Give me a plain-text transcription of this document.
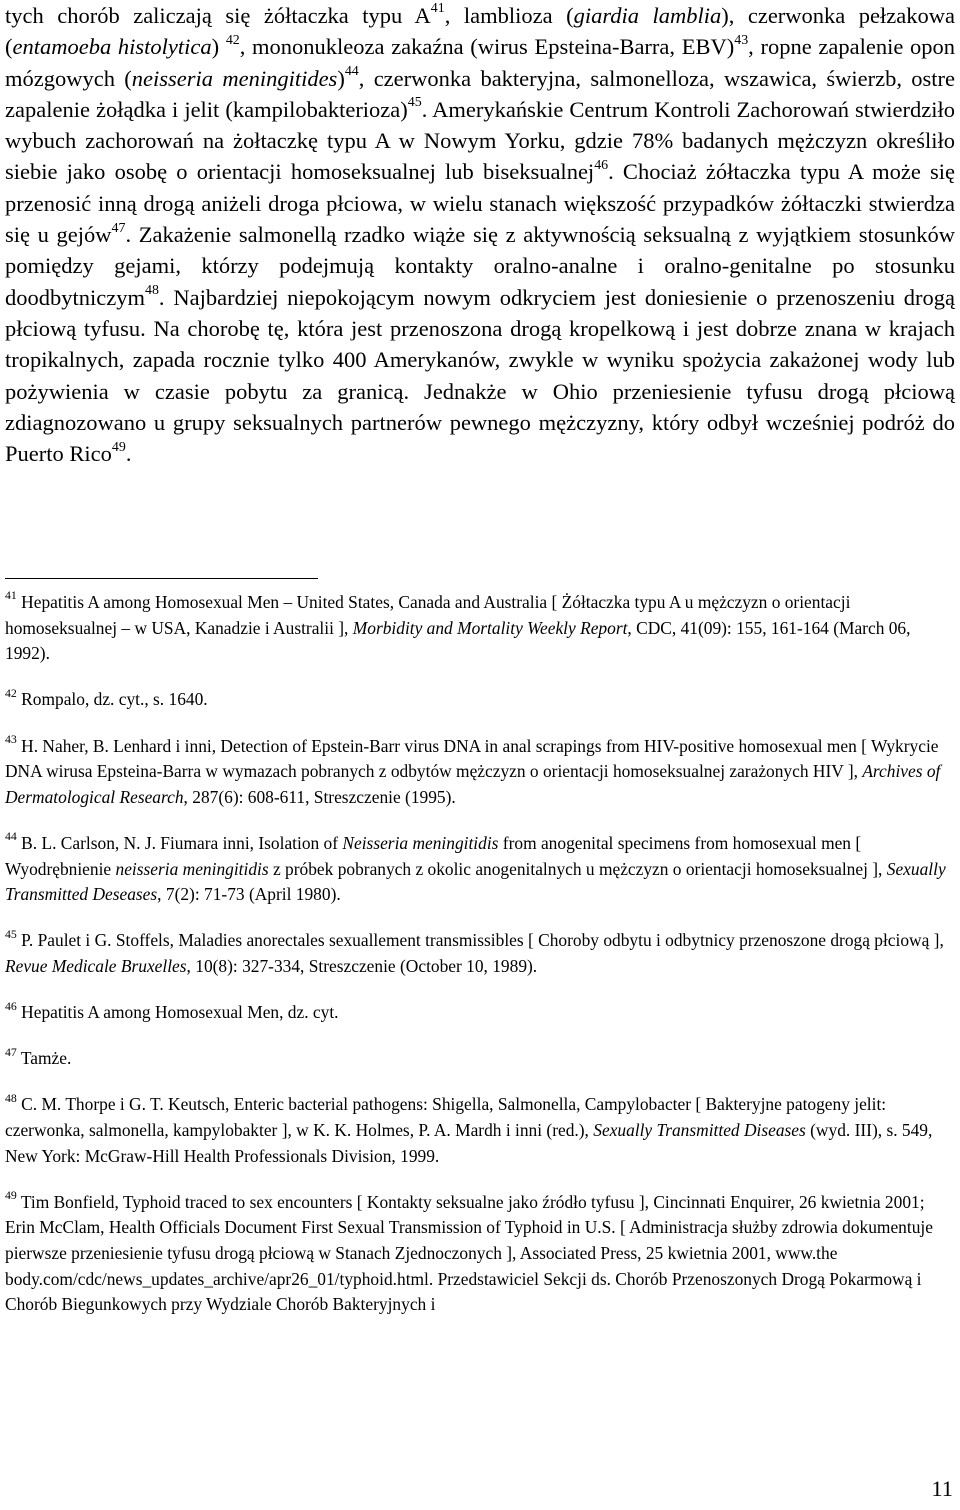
tych chorób zaliczają się żółtaczka typu $A^{41}$, lamblioza (giardia lamblia), czerwonka pełzakowa (entamoeba histolytica) $^{42}$, mononukleoza zakaźna (wirus Epsteina-Barra, EBV)$^{43}$, ropne zapalenie opon mózgowych (neisseria meningitides)$^{44}$, czerwonka bakteryjna, salmonelloza, wszawica, świerzb, ostre zapalenie żołądka i jelit (kampilobakterioza)$^{45}$. Amerykańskie Centrum Kontroli Zachorowań stwierdziło wybuch zachorowań na żołtaczkę typu A w Nowym Yorku, gdzie 78% badanych mężczyzn określiło siebie jako osobę o orientacji homoseksualnej lub biseksualnej$^{46}$. Chociaż żółtaczka typu A może się przenosić inną drogą aniżeli droga płciowa, w wielu stanach większość przypadków żółtaczki stwierdza się u gejów$^{47}$. Zakażenie salmonellą rzadko wiąże się z aktywnością seksualną z wyjątkiem stosunków pomiędzy gejami, którzy podejmują kontakty oralno-analne i oralno-genitalne po stosunku doodbytniczym$^{48}$. Najbardziej niepokojącym nowym odkryciem jest doniesienie o przenoszeniu drogą płciową tyfusu. Na chorobę tę, która jest przenoszona drogą kropelkową i jest dobrze znana w krajach tropikalnych, zapada rocznie tylko 400 Amerykanów, zwykle w wyniku spożycia zakażonej wody lub pożywienia w czasie pobytu za granicą. Jednakże w Ohio przeniesienie tyfusu drogą płciową zdiagnozowano u grupy seksualnych partnerów pewnego mężczyzny, który odbył wcześniej podróż do Puerto Rico$^{49}$.

$^{41}$ Hepatitis A among Homosexual Men – United States, Canada and Australia [ Żółtaczka typu A u mężczyzn o orientacji homoseksualnej – w USA, Kanadzie i Australii ], Morbidity and Mortality Weekly Report, CDC, 41(09): 155, 161-164 (March 06, 1992).

$^{42}$ Rompalo, dz. cyt., s. 1640.

$^{43}$ H. Naher, B. Lenhard i inni, Detection of Epstein-Barr virus DNA in anal scrapings from HIV-positive homosexual men [ Wykrycie DNA wirusa Epsteina-Barra w wymazach pobranych z odbytów mężczyzn o orientacji homoseksualnej zarażonych HIV ], Archives of Dermatological Research, 287(6): 608-611, Streszczenie (1995).

$^{44}$ B. L. Carlson, N. J. Fiumara inni, Isolation of Neisseria meningitidis from anogenital specimens from homosexual men [ Wyodrębnienie neisseria meningitidis z próbek pobranych z okolic anogenitalnych u mężczyzn o orientacji homoseksualnej ], Sexually Transmitted Deseases, 7(2): 71-73 (April 1980).

$^{45}$ P. Paulet i G. Stoffels, Maladies anorectales sexuallement transmissibles [ Choroby odbytu i odbytnicy przenoszone drogą płciową ], Revue Medicale Bruxelles, 10(8): 327-334, Streszczenie (October 10, 1989).

$^{46}$ Hepatitis A among Homosexual Men, dz. cyt.

$^{47}$ Tamże.

$^{48}$ C. M. Thorpe i G. T. Keutsch, Enteric bacterial pathogens: Shigella, Salmonella, Campylobacter [ Bakteryjne patogeny jelit: czerwonka, salmonella, kampylobakter ], w K. K. Holmes, P. A. Mardh i inni (red.), Sexually Transmitted Diseases (wyd. III), s. 549, New York: McGraw-Hill Health Professionals Division, 1999.

$^{49}$ Tim Bonfield, Typhoid traced to sex encounters [ Kontakty seksualne jako źródło tyfusu ], Cincinnati Enquirer, 26 kwietnia 2001; Erin McClam, Health Officials Document First Sexual Transmission of Typhoid in U.S. [ Administracja służby zdrowia dokumentuje pierwsze przeniesienie tyfusu drogą płciową w Stanach Zjednoczonych ], Associated Press, 25 kwietnia 2001, www.the body.com/cdc/news_updates_archive/apr26_01/typhoid.html. Przedstawiciel Sekcji ds. Chorób Przenoszonych Drogą Pokarmową i Chorób Biegunkowych przy Wydziale Chorób Bakteryjnych i

11
